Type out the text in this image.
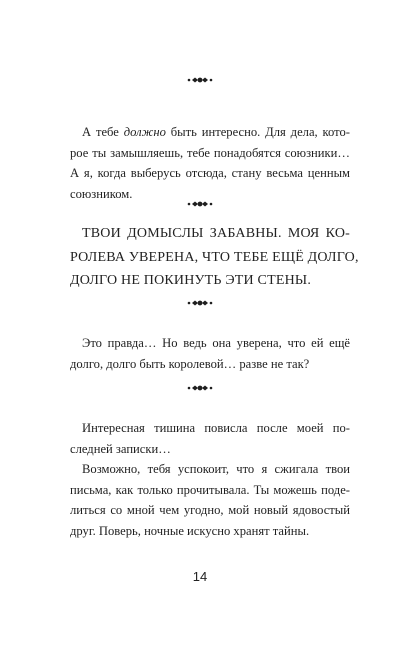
А тебе должно быть интересно. Для дела, кото-
рое ты замышляешь, тебе понадобятся союзники…
А я, когда выберусь отсюда, стану весьма ценным
союзником.
ТВОИ ДОМЫСЛЫ ЗАБАВНЫ. МОЯ КО-
РОЛЕВА УВЕРЕНА, ЧТО ТЕБЕ ЕЩЁ ДОЛГО,
ДОЛГО НЕ ПОКИНУТЬ ЭТИ СТЕНЫ.
Это правда… Но ведь она уверена, что ей ещё
долго, долго быть королевой… разве не так?
Интересная тишина повисла после моей по-
следней записки…
Возможно, тебя успокоит, что я сжигала твои
письма, как только прочитывала. Ты можешь поде-
литься со мной чем угодно, мой новый ядовостый
друг. Поверь, ночные искусно хранят тайны.
14
